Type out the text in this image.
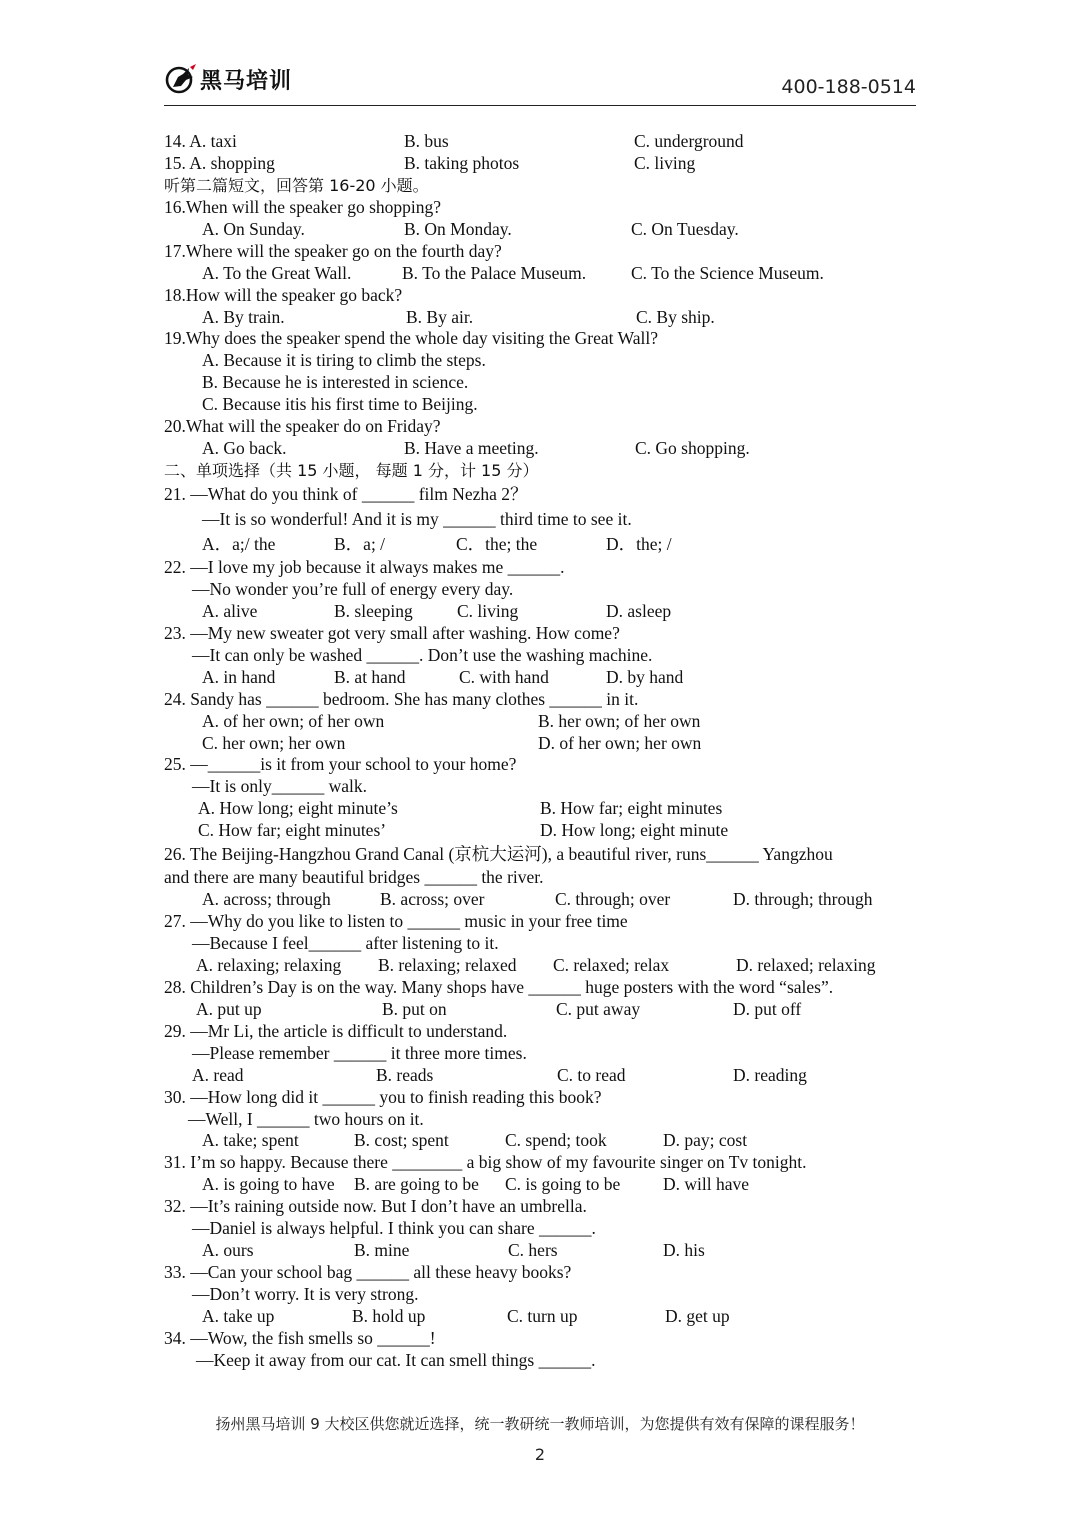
黑马培训	400-188-0514
14. A. taxi	B. bus	C. underground
15. A. shopping	B. taking photos	C. living
听第二篇短文，回答第 16-20 小题。
16.When will the speaker go shopping?
A. On Sunday.	B. On Monday.	C. On Tuesday.
17.Where will the speaker go on the fourth day?
A. To the Great Wall.	B. To the Palace Museum.	C. To the Science Museum.
18.How will the speaker go back?
A. By train.	B. By air.	C. By ship.
19.Why does the speaker spend the whole day visiting the Great Wall?
A. Because it is tiring to climb the steps.
B. Because he is interested in science.
C. Because itis his first time to Beijing.
20.What will the speaker do on Friday?
A. Go back.	B. Have a meeting.	C. Go shopping.
二、单项选择（共 15 小题， 每题 1 分，计 15 分）
21. —What do you think of ______ film Nezha 2？
—It is so wonderful! And it is my ______ third time to see it.
A．a;/ the	B．a; /	C．the; the	D．the; /
22. —I love my job because it always makes me ______.
—No wonder you’re full of energy every day.
A. alive	B. sleeping	C. living	D. asleep
23. —My new sweater got very small after washing. How come?
—It can only be washed ______. Don’t use the washing machine.
A. in hand	B. at hand	C. with hand	D. by hand
24. Sandy has ______ bedroom. She has many clothes ______ in it.
A. of her own; of her own	B. her own; of her own
C. her own; her own	D. of her own; her own
25. —______is it from your school to your home?
—It is only______ walk.
A. How long; eight minute’s	B. How far; eight minutes
C. How far; eight minutes’	D. How long; eight minute
26. The Beijing-Hangzhou Grand Canal (京杭大运河), a beautiful river, runs______ Yangzhou
and there are many beautiful bridges ______ the river.
A. across; through	B. across; over	C. through; over	D. through; through
27. —Why do you like to listen to ______ music in your free time
—Because I feel______ after listening to it.
A. relaxing; relaxing B. relaxing; relaxed C. relaxed; relax	D. relaxed; relaxing
28. Children’s Day is on the way. Many shops have ______ huge posters with the word “sales”.
A. put up	B. put on	C. put away	D. put off
29. —Mr Li, the article is difficult to understand.
—Please remember ______ it three more times.
A. read	B. reads	C. to read	D. reading
30. —How long did it ______ you to finish reading this book?
—Well, I ______ two hours on it.
A. take; spent	B. cost; spent	C. spend; took	D. pay; cost
31. I’m so happy. Because there ________ a big show of my favourite singer on Tv tonight.
A. is going to have B. are going to be C. is going to be D. will have
32. —It’s raining outside now. But I don’t have an umbrella.
—Daniel is always helpful. I think you can share ______.
A. ours	B. mine	C. hers	D. his
33. —Can your school bag ______ all these heavy books?
—Don’t worry. It is very strong.
A. take up	B. hold up	C. turn up	D. get up
34. —Wow, the fish smells so ______!
—Keep it away from our cat. It can smell things ______.
扬州黑马培训 9 大校区供您就近选择，统一教研统一教师培训，为您提供有效有保障的课程服务！
2
